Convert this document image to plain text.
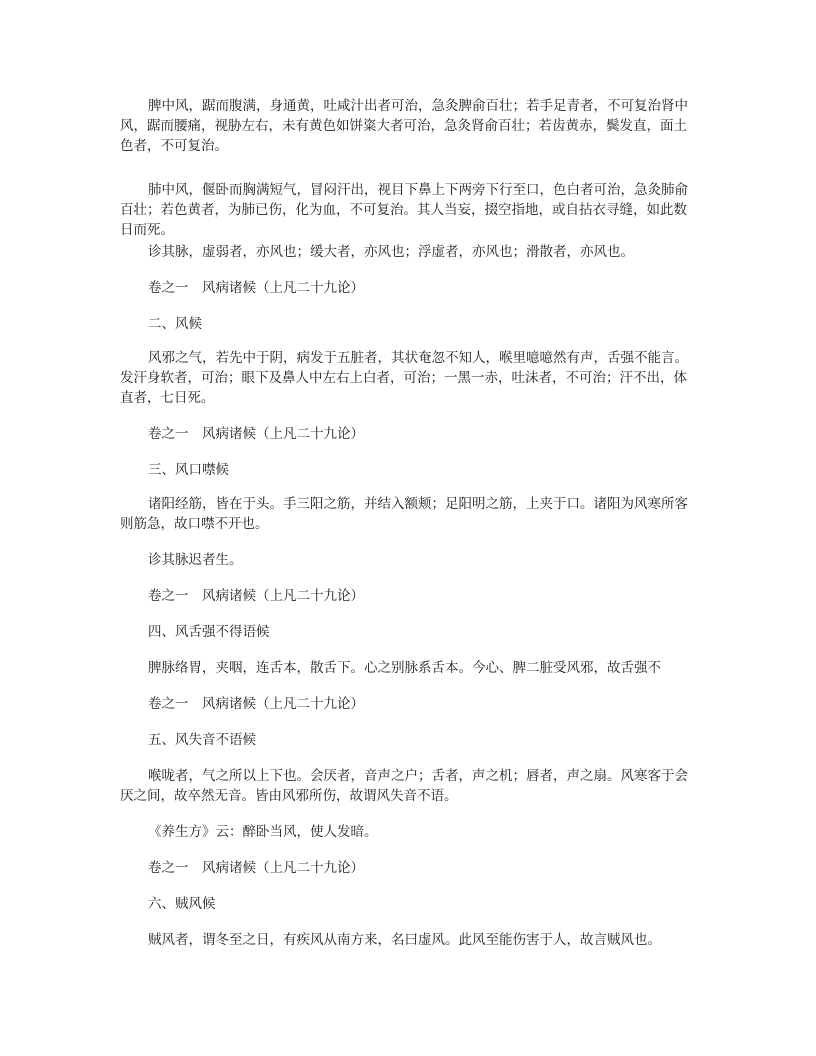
脾中风，踞而腹满，身通黄，吐咸汁出者可治，急灸脾俞百壮；若手足青者，不可复治肾中风，踞而腰痛，视胁左右，未有黄色如饼粢大者可治，急灸肾俞百壮；若齿黄赤，鬓发直，面土色者，不可复治。

肺中风，偃卧而胸满短气，冒闷汗出，视目下鼻上下两旁下行至口，色白者可治，急灸肺俞百壮；若色黄者，为肺已伤，化为血，不可复治。其人当妄，掇空指地，或自拈衣寻缝，如此数日而死。

诊其脉，虚弱者，亦风也；缓大者，亦风也；浮虚者，亦风也；滑散者，亦风也。

卷之一　风病诸候（上凡二十九论）

二、风候

风邪之气，若先中于阴，病发于五脏者，其状奄忽不知人，喉里噫噫然有声，舌强不能言。发汗身软者，可治；眼下及鼻人中左右上白者，可治；一黑一赤，吐沫者，不可治；汗不出，体直者，七日死。

卷之一　风病诸候（上凡二十九论）

三、风口噤候

诸阳经筋，皆在于头。手三阳之筋，并结入额颊；足阳明之筋，上夹于口。诸阳为风寒所客则筋急，故口噤不开也。

诊其脉迟者生。

卷之一　风病诸候（上凡二十九论）

四、风舌强不得语候

脾脉络胃，夹咽，连舌本，散舌下。心之别脉系舌本。今心、脾二脏受风邪，故舌强不

卷之一　风病诸候（上凡二十九论）

五、风失音不语候

喉咙者，气之所以上下也。会厌者，音声之户；舌者，声之机；唇者，声之扇。风寒客于会厌之间，故卒然无音。皆由风邪所伤，故谓风失音不语。

《养生方》云：醉卧当风，使人发暗。

卷之一　风病诸候（上凡二十九论）

六、贼风候

贼风者，谓冬至之日，有疾风从南方来，名曰虚风。此风至能伤害于人，故言贼风也。
